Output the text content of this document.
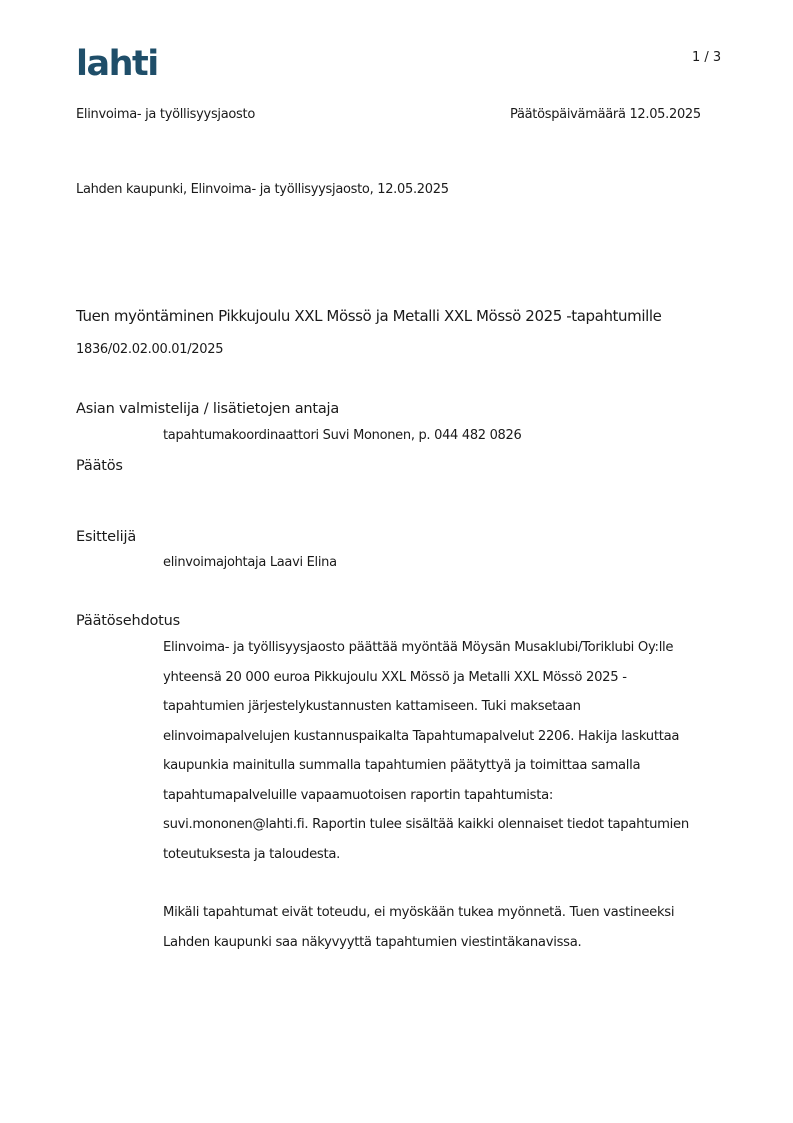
lahti	1 / 3
Elinvoima- ja työllisyysjaosto	Päätöspäivämäärä 12.05.2025
Lahden kaupunki, Elinvoima- ja työllisyysjaosto, 12.05.2025
Tuen myöntäminen Pikkujoulu XXL Mössö ja Metalli XXL Mössö 2025 -tapahtumille
1836/02.02.00.01/2025
Asian valmistelija / lisätietojen antaja
tapahtumakoordinaattori Suvi Mononen, p. 044 482 0826
Päätös
Esittelijä
elinvoimajohtaja Laavi Elina
Päätösehdotus
Elinvoima- ja työllisyysjaosto päättää myöntää Möysän Musaklubi/Toriklubi Oy:lle
yhteensä 20 000 euroa Pikkujoulu XXL Mössö ja Metalli XXL Mössö 2025 -
tapahtumien järjestelykustannusten kattamiseen. Tuki maksetaan
elinvoimapalvelujen kustannuspaikalta Tapahtumapalvelut 2206. Hakija laskuttaa
kaupunkia mainitulla summalla tapahtumien päätyttyä ja toimittaa samalla
tapahtumapalveluille vapaamuotoisen raportin tapahtumista:
suvi.mononen@lahti.fi. Raportin tulee sisältää kaikki olennaiset tiedot tapahtumien
toteutuksesta ja taloudesta.
Mikäli tapahtumat eivät toteudu, ei myöskään tukea myönnetä. Tuen vastineeksi
Lahden kaupunki saa näkyvyyttä tapahtumien viestintäkanavissa.
